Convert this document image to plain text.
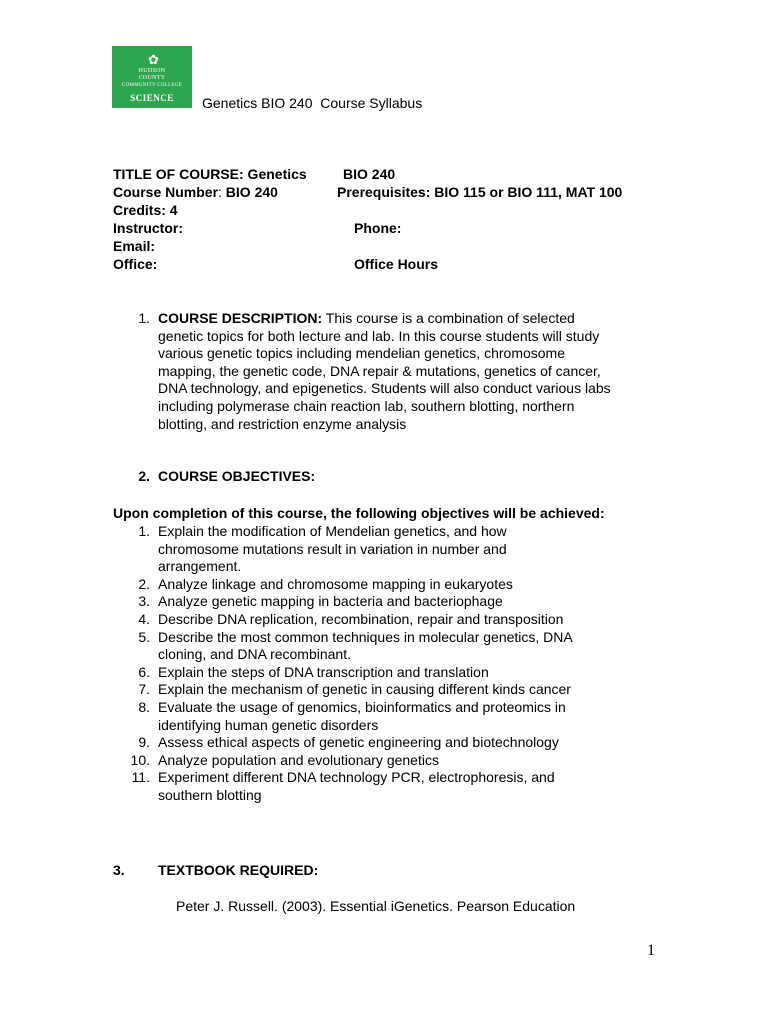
✿
HUDSON
COUNTY
COMMUNITY COLLEGE
SCIENCE	Genetics BIO 240  Course Syllabus
TITLE OF COURSE: Genetics	BIO 240
Course Number: BIO 240	Prerequisites: BIO 115 or BIO 111, MAT 100
Credits: 4
Instructor:	Phone:
Email:
Office:	Office Hours
1. COURSE DESCRIPTION: This course is a combination of selected
genetic topics for both lecture and lab. In this course students will study
various genetic topics including mendelian genetics, chromosome
mapping, the genetic code, DNA repair & mutations, genetics of cancer,
DNA technology, and epigenetics. Students will also conduct various labs
including polymerase chain reaction lab, southern blotting, northern
blotting, and restriction enzyme analysis
2. COURSE OBJECTIVES:
Upon completion of this course, the following objectives will be achieved:
1. Explain the modification of Mendelian genetics, and how
chromosome mutations result in variation in number and
arrangement.
2. Analyze linkage and chromosome mapping in eukaryotes
3. Analyze genetic mapping in bacteria and bacteriophage
4. Describe DNA replication, recombination, repair and transposition
5. Describe the most common techniques in molecular genetics, DNA
cloning, and DNA recombinant.
6. Explain the steps of DNA transcription and translation
7. Explain the mechanism of genetic in causing different kinds cancer
8. Evaluate the usage of genomics, bioinformatics and proteomics in
identifying human genetic disorders
9. Assess ethical aspects of genetic engineering and biotechnology
10. Analyze population and evolutionary genetics
11. Experiment different DNA technology PCR, electrophoresis, and
southern blotting
3. TEXTBOOK REQUIRED:
Peter J. Russell. (2003). Essential iGenetics. Pearson Education
1
